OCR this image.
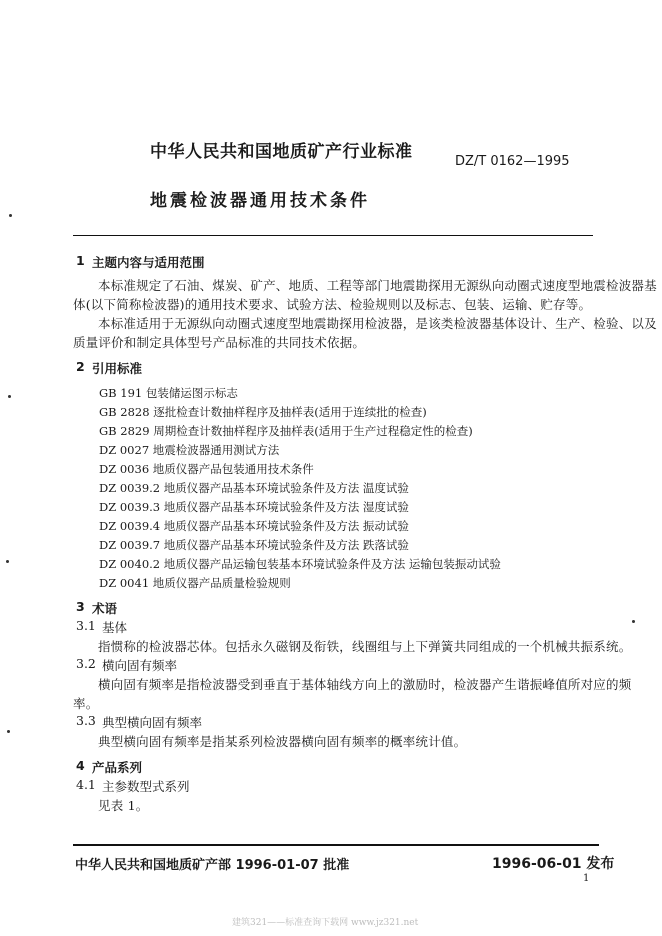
中华人民共和国地质矿产行业标准	DZ/T 0162—1995
地震检波器通用技术条件
1 主题内容与适用范围
本标准规定了石油、煤炭、矿产、地质、工程等部门地震勘探用无源纵向动圈式速度型地震检波器基
体(以下简称检波器)的通用技术要求、试验方法、检验规则以及标志、包装、运输、贮存等。
本标准适用于无源纵向动圈式速度型地震勘探用检波器，是该类检波器基体设计、生产、检验、以及
质量评价和制定具体型号产品标准的共同技术依据。
2 引用标准
GB 191 包装储运图示标志
GB 2828 逐批检查计数抽样程序及抽样表(适用于连续批的检查)
GB 2829 周期检查计数抽样程序及抽样表(适用于生产过程稳定性的检查)
DZ 0027 地震检波器通用测试方法
DZ 0036 地质仪器产品包装通用技术条件
DZ 0039.2 地质仪器产品基本环境试验条件及方法 温度试验
DZ 0039.3 地质仪器产品基本环境试验条件及方法 湿度试验
DZ 0039.4 地质仪器产品基本环境试验条件及方法 振动试验
DZ 0039.7 地质仪器产品基本环境试验条件及方法 跌落试验
DZ 0040.2 地质仪器产品运输包装基本环境试验条件及方法 运输包装振动试验
DZ 0041 地质仪器产品质量检验规则
3 术语
3.1 基体
指惯称的检波器芯体。包括永久磁钢及衔铁，线圈组与上下弹簧共同组成的一个机械共振系统。
3.2 横向固有频率
横向固有频率是指检波器受到垂直于基体轴线方向上的激励时，检波器产生谐振峰值所对应的频
率。
3.3 典型横向固有频率
典型横向固有频率是指某系列检波器横向固有频率的概率统计值。
4 产品系列
4.1 主参数型式系列
见表 1。
中华人民共和国地质矿产部 1996-01-07 批准	1996-06-01 发布
1
建筑321——标准查询下载网 www.jz321.net
